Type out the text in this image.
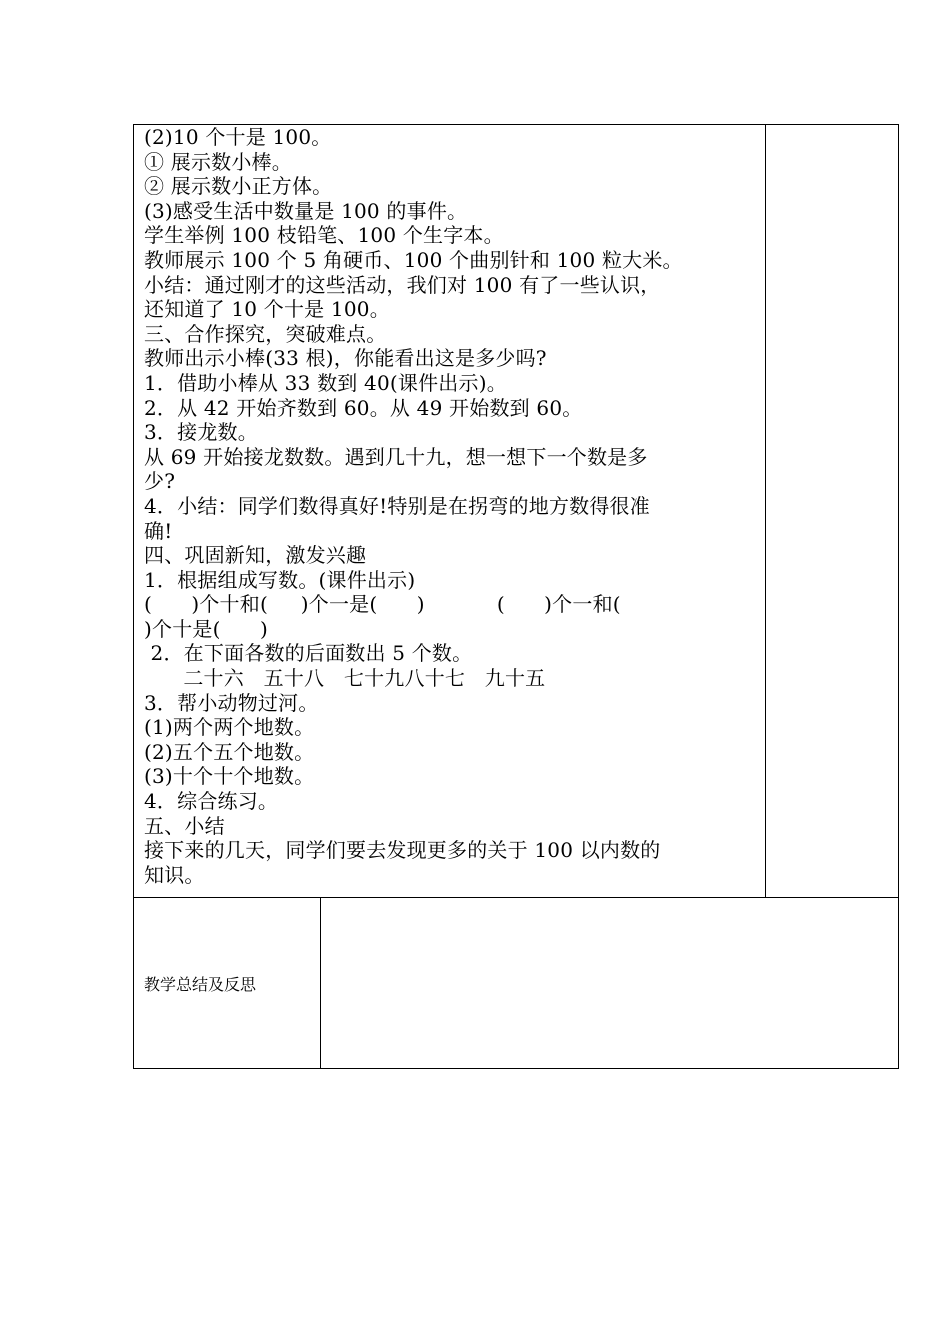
(2)10 个十是 100。
① 展示数小棒。
② 展示数小正方体。
(3)感受生活中数量是 100 的事件。
学生举例 100 枝铅笔、100 个生字本。
教师展示 100 个 5 角硬币、100 个曲别针和 100 粒大米。
小结：通过刚才的这些活动，我们对 100 有了一些认识，
还知道了 10 个十是 100。
三、合作探究，突破难点。
教师出示小棒(33 根)，你能看出这是多少吗?
1．借助小棒从 33 数到 40(课件出示)。
2．从 42 开始齐数到 60。从 49 开始数到 60。
3．接龙数。
从 69 开始接龙数数。遇到几十九，想一想下一个数是多
少?
4．小结：同学们数得真好!特别是在拐弯的地方数得很准
确!
四、巩固新知，激发兴趣
1．根据组成写数。(课件出示)
(      )个十和(     )个一是(      )           (      )个一和(
)个十是(      )
2．在下面各数的后面数出 5 个数。
二十六   五十八   七十九八十七   九十五
3．帮小动物过河。
(1)两个两个地数。
(2)五个五个地数。
(3)十个十个地数。
4．综合练习。
五、小结
接下来的几天，同学们要去发现更多的关于 100 以内数的
知识。
教学总结及反思
